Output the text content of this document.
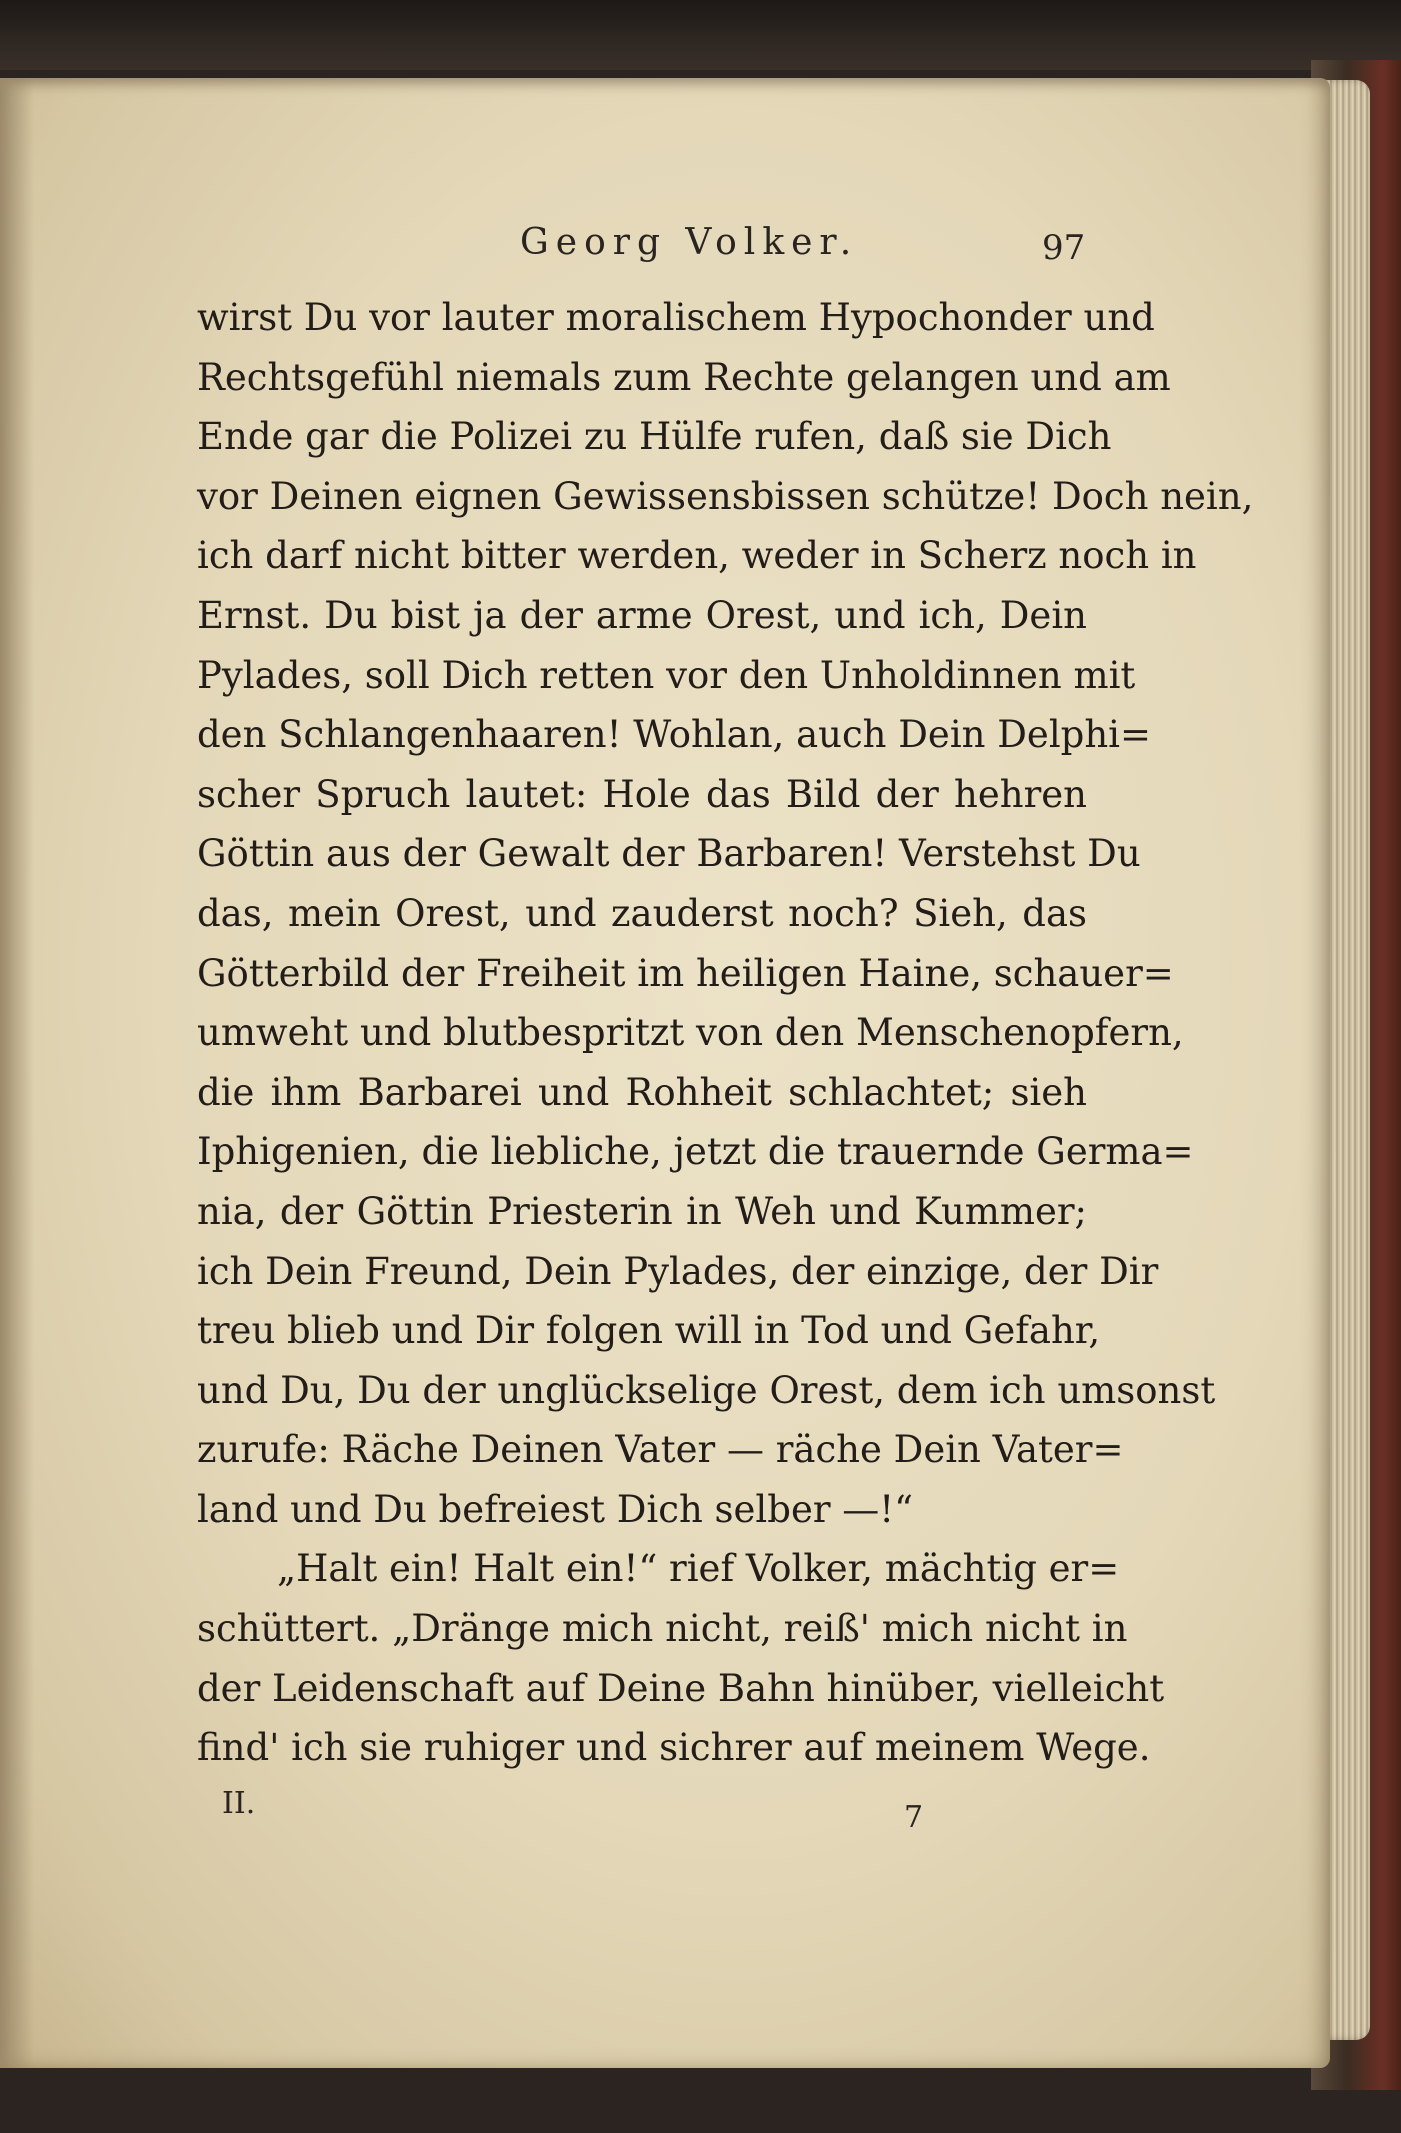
Georg Volker.	97
wirst Du vor lauter moralischem Hypochonder und
Rechtsgefühl niemals zum Rechte gelangen und am
Ende gar die Polizei zu Hülfe rufen, daß sie Dich
vor Deinen eignen Gewissensbissen schütze! Doch nein,
ich darf nicht bitter werden, weder in Scherz noch in
Ernst. Du bist ja der arme Orest, und ich, Dein
Pylades, soll Dich retten vor den Unholdinnen mit
den Schlangenhaaren! Wohlan, auch Dein Delphi=
scher Spruch lautet: Hole das Bild der hehren
Göttin aus der Gewalt der Barbaren! Verstehst Du
das, mein Orest, und zauderst noch? Sieh, das
Götterbild der Freiheit im heiligen Haine, schauer=
umweht und blutbespritzt von den Menschenopfern,
die ihm Barbarei und Rohheit schlachtet; sieh
Iphigenien, die liebliche, jetzt die trauernde Germa=
nia, der Göttin Priesterin in Weh und Kummer;
ich Dein Freund, Dein Pylades, der einzige, der Dir
treu blieb und Dir folgen will in Tod und Gefahr,
und Du, Du der unglückselige Orest, dem ich umsonst
zurufe: Räche Deinen Vater — räche Dein Vater=
land und Du befreiest Dich selber —!“
„Halt ein! Halt ein!“ rief Volker, mächtig er=
schüttert. „Dränge mich nicht, reiß' mich nicht in
der Leidenschaft auf Deine Bahn hinüber, vielleicht
find' ich sie ruhiger und sichrer auf meinem Wege.
II.	7
